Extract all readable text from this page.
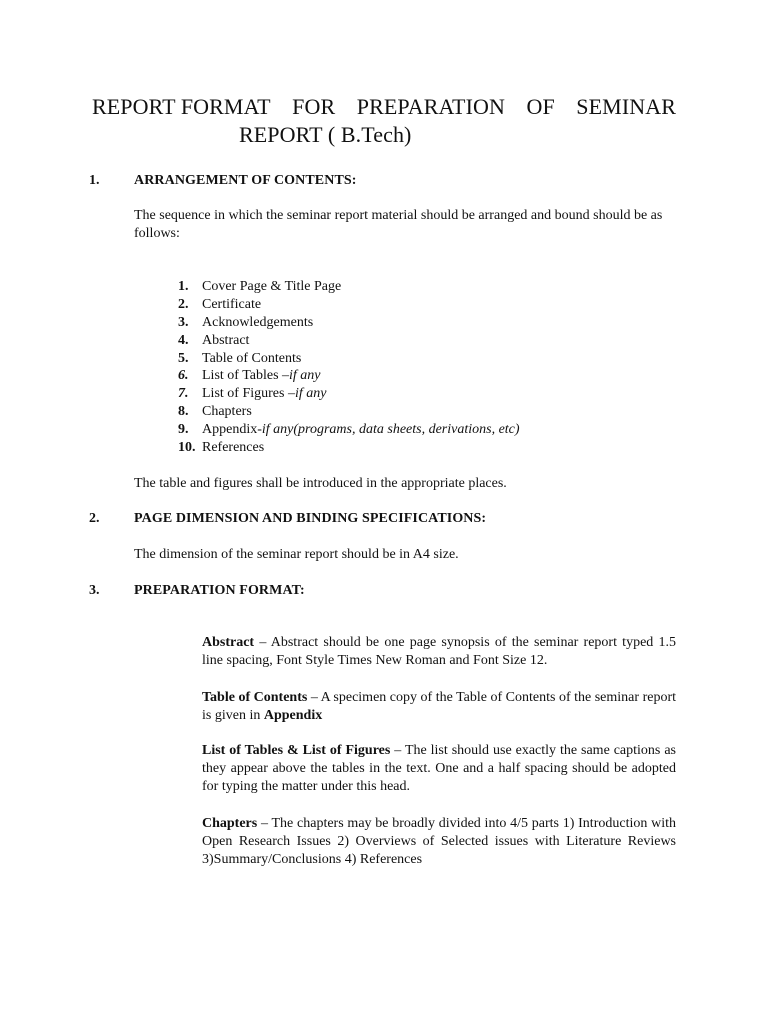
REPORT FORMAT FOR PREPARATION OF SEMINAR
REPORT ( B.Tech)
1. ARRANGEMENT OF CONTENTS:
The sequence in which the seminar report material should be arranged and bound should be as follows:
1. Cover Page & Title Page
2. Certificate
3. Acknowledgements
4. Abstract
5. Table of Contents
6. List of Tables – if any
7. List of Figures – if any
8. Chapters
9. Appendix- if any(programs, data sheets, derivations, etc)
10. References
The table and figures shall be introduced in the appropriate places.
2. PAGE DIMENSION AND BINDING SPECIFICATIONS:
The dimension of the seminar report should be in A4 size.
3. PREPARATION FORMAT:
Abstract – Abstract should be one page synopsis of the seminar report typed 1.5 line spacing, Font Style Times New Roman and Font Size 12.
Table of Contents – A specimen copy of the Table of Contents of the seminar report is given in Appendix
List of Tables & List of Figures – The list should use exactly the same captions as they appear above the tables in the text. One and a half spacing should be adopted for typing the matter under this head.
Chapters – The chapters may be broadly divided into 4/5 parts 1) Introduction with Open Research Issues 2) Overviews of Selected issues with Literature Reviews 3)Summary/Conclusions 4) References
